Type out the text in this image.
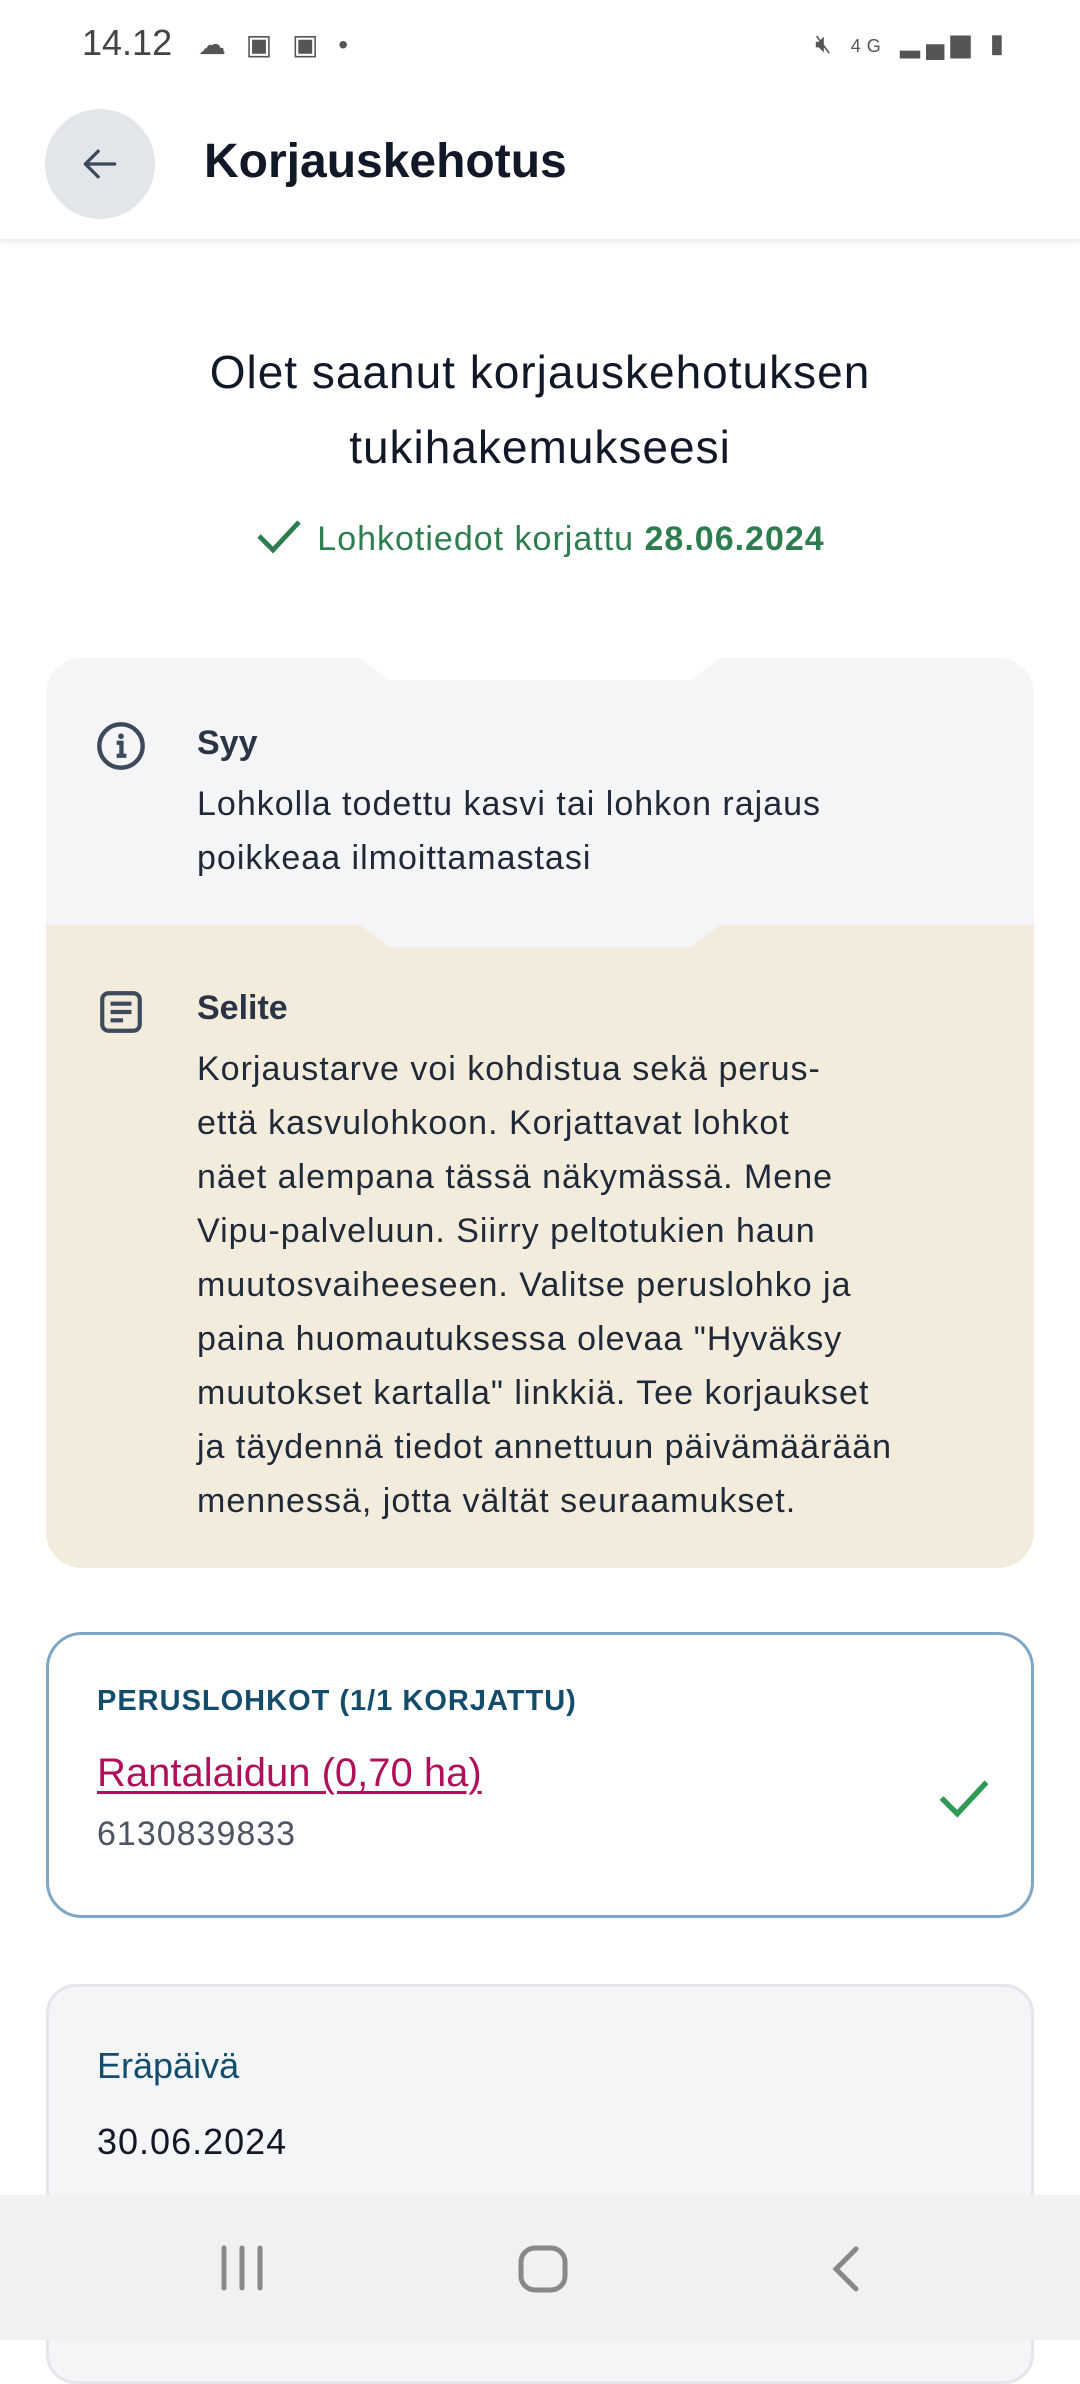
14.12 ☁ ▣ ▣ •	🔇︎ 4G ▂▄▆ ▮
Korjauskehotus
Olet saanut korjauskehotuksen
tukihakemukseesi
Lohkotiedot korjattu 28.06.2024
Syy
Lohkolla todettu kasvi tai lohkon rajaus
poikkeaa ilmoittamastasi
Selite
Korjaustarve voi kohdistua sekä perus-
että kasvulohkoon. Korjattavat lohkot
näet alempana tässä näkymässä. Mene
Vipu-palveluun. Siirry peltotukien haun
muutosvaiheeseen. Valitse peruslohko ja
paina huomautuksessa olevaa "Hyväksy
muutokset kartalla" linkkiä. Tee korjaukset
ja täydennä tiedot annettuun päivämäärään
mennessä, jotta vältät seuraamukset.
PERUSLOHKOT (1/1 KORJATTU)
Rantalaidun (0,70 ha)
6130839833
Eräpäivä
30.06.2024
